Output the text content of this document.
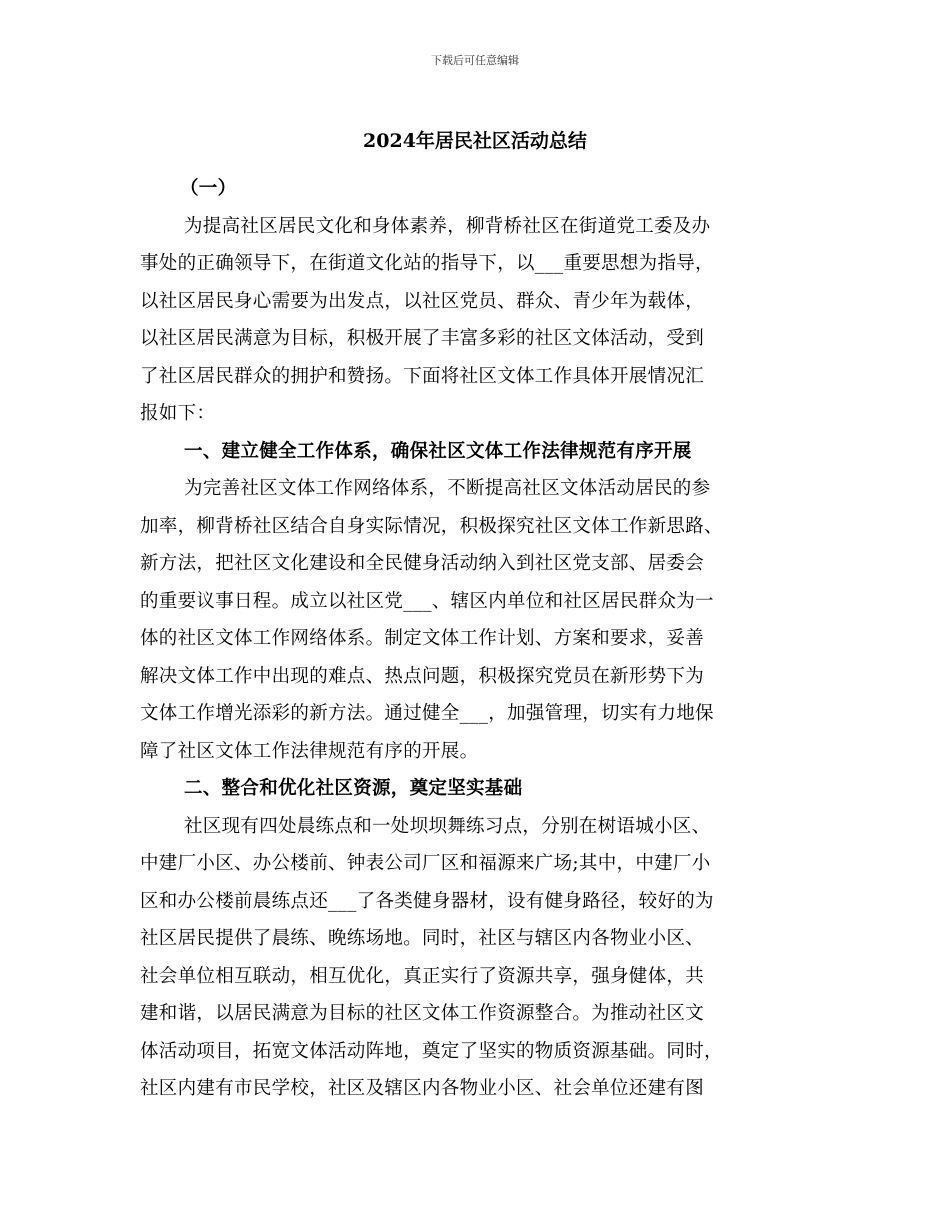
下载后可任意编辑
2024年居民社区活动总结
（一）
为提高社区居民文化和身体素养，柳背桥社区在街道党工委及办
事处的正确领导下，在街道文化站的指导下，以___重要思想为指导，
以社区居民身心需要为出发点，以社区党员、群众、青少年为载体，
以社区居民满意为目标，积极开展了丰富多彩的社区文体活动，受到
了社区居民群众的拥护和赞扬。下面将社区文体工作具体开展情况汇
报如下：
一、建立健全工作体系，确保社区文体工作法律规范有序开展
为完善社区文体工作网络体系，不断提高社区文体活动居民的参
加率，柳背桥社区结合自身实际情况，积极探究社区文体工作新思路、
新方法，把社区文化建设和全民健身活动纳入到社区党支部、居委会
的重要议事日程。成立以社区党___、辖区内单位和社区居民群众为一
体的社区文体工作网络体系。制定文体工作计划、方案和要求，妥善
解决文体工作中出现的难点、热点问题，积极探究党员在新形势下为
文体工作增光添彩的新方法。通过健全___，加强管理，切实有力地保
障了社区文体工作法律规范有序的开展。
二、整合和优化社区资源，奠定坚实基础
社区现有四处晨练点和一处坝坝舞练习点，分别在树语城小区、
中建厂小区、办公楼前、钟表公司厂区和福源来广场;其中，中建厂小
区和办公楼前晨练点还___了各类健身器材，设有健身路径，较好的为
社区居民提供了晨练、晚练场地。同时，社区与辖区内各物业小区、
社会单位相互联动，相互优化，真正实行了资源共享，强身健体，共
建和谐，以居民满意为目标的社区文体工作资源整合。为推动社区文
体活动项目，拓宽文体活动阵地，奠定了坚实的物质资源基础。同时，
社区内建有市民学校，社区及辖区内各物业小区、社会单位还建有图
